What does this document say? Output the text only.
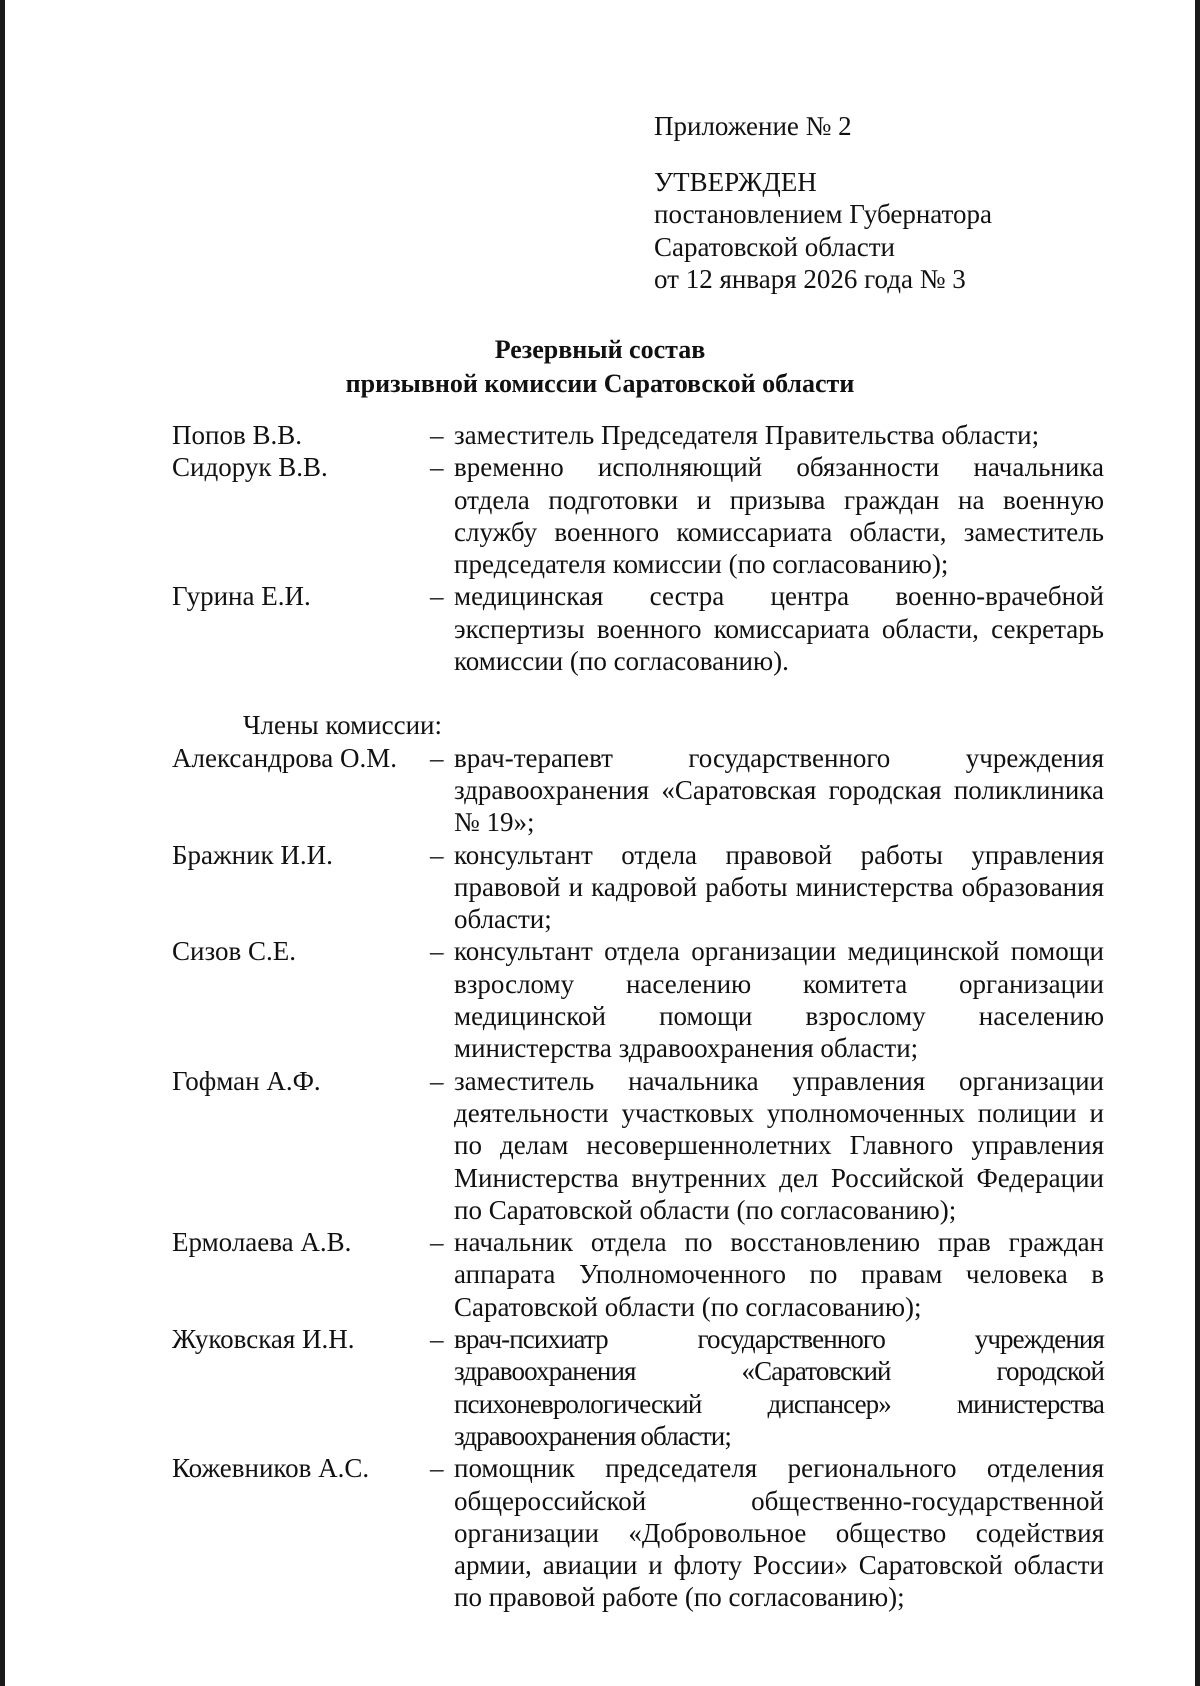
Приложение № 2
УТВЕРЖДЕН
постановлением Губернатора
Саратовской области
от 12 января 2026 года № 3
Резервный состав
призывной комиссии Саратовской области
Попов В.В.	– заместитель Председателя Правительства области;
Сидорук В.В.	– временно исполняющий обязанности начальника отдела подготовки и призыва граждан на военную службу военного комиссариата области, заместитель председателя комиссии (по согласованию);
Гурина Е.И.	– медицинская сестра центра военно-врачебной экспертизы военного комиссариата области, секретарь комиссии (по согласованию).
Члены комиссии:
Александрова О.М.	– врач-терапевт государственного учреждения здравоохранения «Саратовская городская поликлиника № 19»;
Бражник И.И.	– консультант отдела правовой работы управления правовой и кадровой работы министерства образования области;
Сизов С.Е.	– консультант отдела организации медицинской помощи взрослому населению комитета организации медицинской помощи взрослому населению министерства здравоохранения области;
Гофман А.Ф.	– заместитель начальника управления организации деятельности участковых уполномоченных полиции и по делам несовершеннолетних Главного управления Министерства внутренних дел Российской Федерации по Саратовской области (по согласованию);
Ермолаева А.В.	– начальник отдела по восстановлению прав граждан аппарата Уполномоченного по правам человека в Саратовской области (по согласованию);
Жуковская И.Н.	– врач-психиатр государственного учреждения здравоохранения «Саратовский городской психоневрологический диспансер» министерства здравоохранения области;
Кожевников А.С.	– помощник председателя регионального отделения общероссийской общественно-государственной организации «Добровольное общество содействия армии, авиации и флоту России» Саратовской области по правовой работе (по согласованию);
